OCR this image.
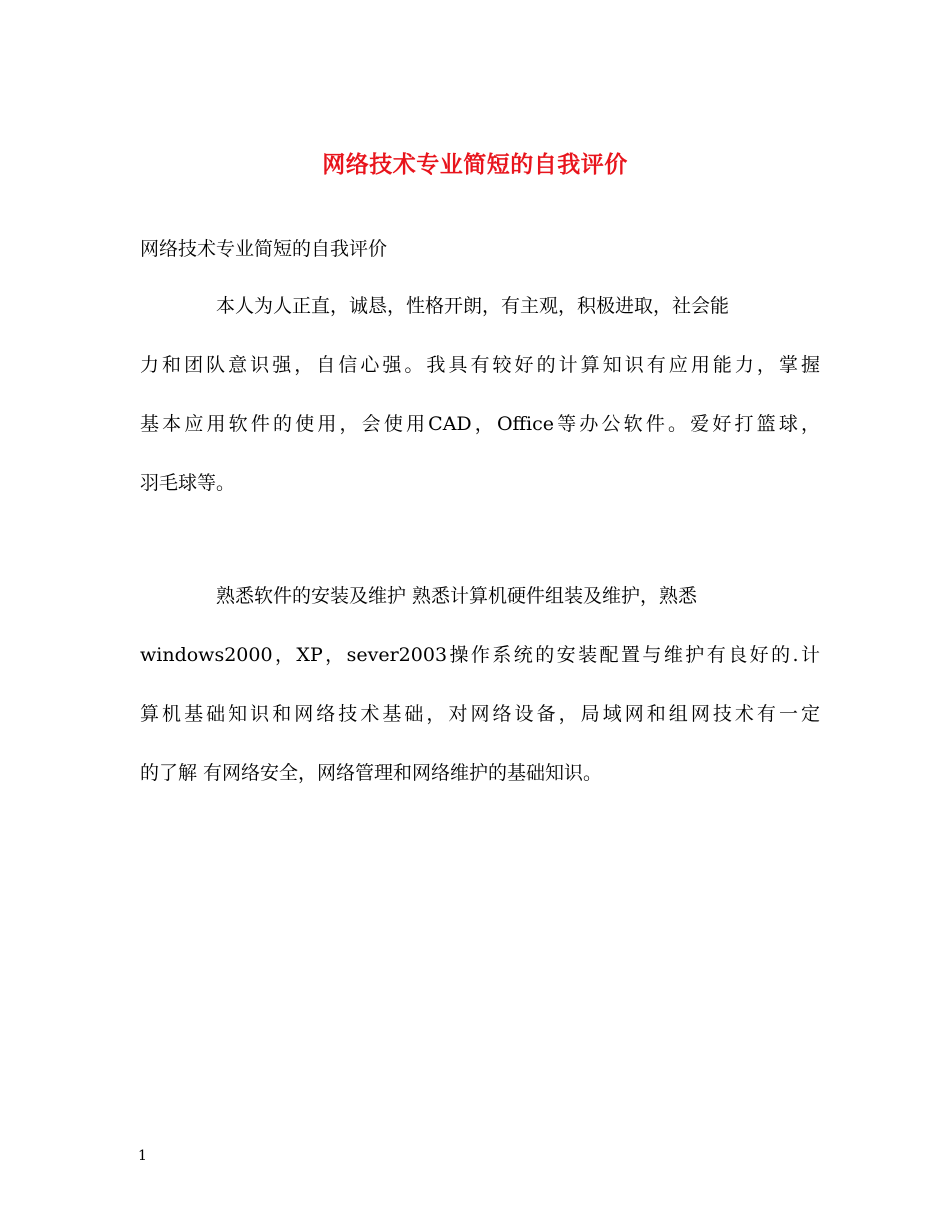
网络技术专业简短的自我评价

网络技术专业简短的自我评价

本人为人正直，诚恳，性格开朗，有主观，积极进取，社会能
力和团队意识强，自信心强。我具有较好的计算知识有应用能力，掌握
基本应用软件的使用，会使用CAD，Office等办公软件。爱好打篮球，
羽毛球等。
熟悉软件的安装及维护 熟悉计算机硬件组装及维护，熟悉
windows2000，XP，sever2003操作系统的安装配置与维护有良好的.计
算机基础知识和网络技术基础，对网络设备，局域网和组网技术有一定
的了解 有网络安全，网络管理和网络维护的基础知识。

1
